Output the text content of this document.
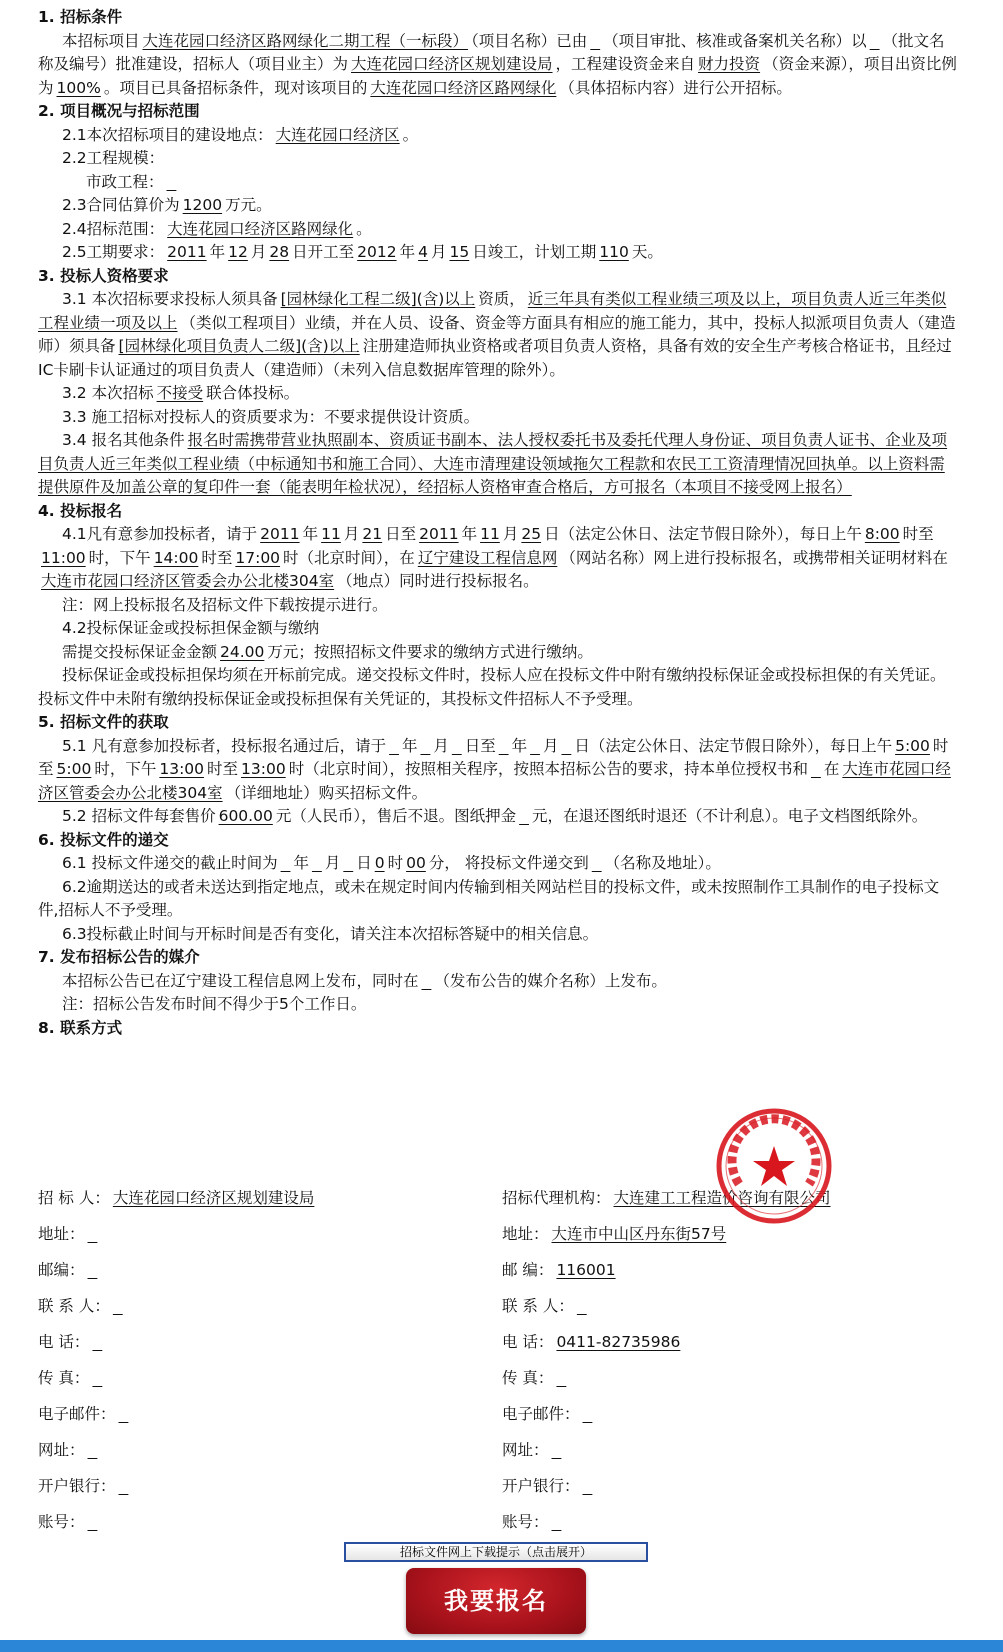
1. 招标条件

本招标项目 大连花园口经济区路网绿化二期工程（一标段） （项目名称）已由 （项目审批、核准或备案机关名称）以 （批文名称及编号）批准建设，招标人（项目业主）为 大连花园口经济区规划建设局 ，工程建设资金来自 财力投资 （资金来源），项目出资比例为 100% 。项目已具备招标条件，现对该项目的 大连花园口经济区路网绿化 （具体招标内容）进行公开招标。

2. 项目概况与招标范围

2.1本次招标项目的建设地点： 大连花园口经济区 。

2.2工程规模：

市政工程：

2.3合同估算价为 1200 万元。

2.4招标范围： 大连花园口经济区路网绿化 。

2.5工期要求： 2011 年 12 月 28 日开工至 2012 年 4 月 15 日竣工，计划工期 110 天。

3. 投标人资格要求

3.1 本次招标要求投标人须具备 [园林绿化工程二级](含)以上 资质， 近三年具有类似工程业绩三项及以上，项目负责人近三年类似工程业绩一项及以上 （类似工程项目）业绩，并在人员、设备、资金等方面具有相应的施工能力，其中，投标人拟派项目负责人（建造师）须具备 [园林绿化项目负责人二级](含)以上 注册建造师执业资格或者项目负责人资格，具备有效的安全生产考核合格证书，且经过IC卡刷卡认证通过的项目负责人（建造师）（未列入信息数据库管理的除外）。

3.2 本次招标 不接受 联合体投标。

3.3 施工招标对投标人的资质要求为：不要求提供设计资质。

3.4 报名其他条件 报名时需携带营业执照副本、资质证书副本、法人授权委托书及委托代理人身份证、项目负责人证书、企业及项目负责人近三年类似工程业绩（中标通知书和施工合同）、大连市清理建设领域拖欠工程款和农民工工资清理情况回执单。以上资料需提供原件及加盖公章的复印件一套（能表明年检状况），经招标人资格审查合格后，方可报名（本项目不接受网上报名）

4. 投标报名

4.1凡有意参加投标者，请于 2011 年 11 月 21 日至 2011 年 11 月 25 日（法定公休日、法定节假日除外），每日上午 8:00 时至11:00 时，下午 14:00 时至 17:00 时（北京时间），在 辽宁建设工程信息网 （网站名称）网上进行投标报名，或携带相关证明材料在大连市花园口经济区管委会办公北楼304室 （地点）同时进行投标报名。

注：网上投标报名及招标文件下载按提示进行。

4.2投标保证金或投标担保金额与缴纳

需提交投标保证金金额 24.00 万元；按照招标文件要求的缴纳方式进行缴纳。

投标保证金或投标担保均须在开标前完成。递交投标文件时，投标人应在投标文件中附有缴纳投标保证金或投标担保的有关凭证。投标文件中未附有缴纳投标保证金或投标担保有关凭证的，其投标文件招标人不予受理。

5. 招标文件的获取

5.1 凡有意参加投标者，投标报名通过后，请于 年 月 日至 年 月 日（法定公休日、法定节假日除外），每日上午 5:00 时至 5:00 时，下午 13:00 时至 13:00 时（北京时间），按照相关程序，按照本招标公告的要求，持本单位授权书和 在 大连市花园口经济区管委会办公北楼304室 （详细地址）购买招标文件。

5.2 招标文件每套售价 600.00 元（人民币），售后不退。图纸押金 元，在退还图纸时退还（不计利息）。电子文档图纸除外。

6. 投标文件的递交

6.1 投标文件递交的截止时间为 年 月 日 0 时 00 分， 将投标文件递交到 （名称及地址）。

6.2逾期送达的或者未送达到指定地点，或未在规定时间内传输到相关网站栏目的投标文件，或未按照制作工具制作的电子投标文件,招标人不予受理。

6.3投标截止时间与开标时间是否有变化，请关注本次招标答疑中的相关信息。

7. 发布招标公告的媒介

本招标公告已在辽宁建设工程信息网上发布，同时在 （发布公告的媒介名称）上发布。

注：招标公告发布时间不得少于5个工作日。

8. 联系方式

招 标 人： 大连花园口经济区规划建设局	招标代理机构： 大连建工工程造价咨询有限公司
地址：	地址： 大连市中山区丹东街57号
邮编：	邮 编： 116001
联 系 人：	联 系 人：
电 话：	电 话： 0411-82735986
传 真：	传 真：
电子邮件：	电子邮件：
网址：	网址：
开户银行：	开户银行：
账号：	账号：
招标文件网上下载提示（点击展开）
我要报名
